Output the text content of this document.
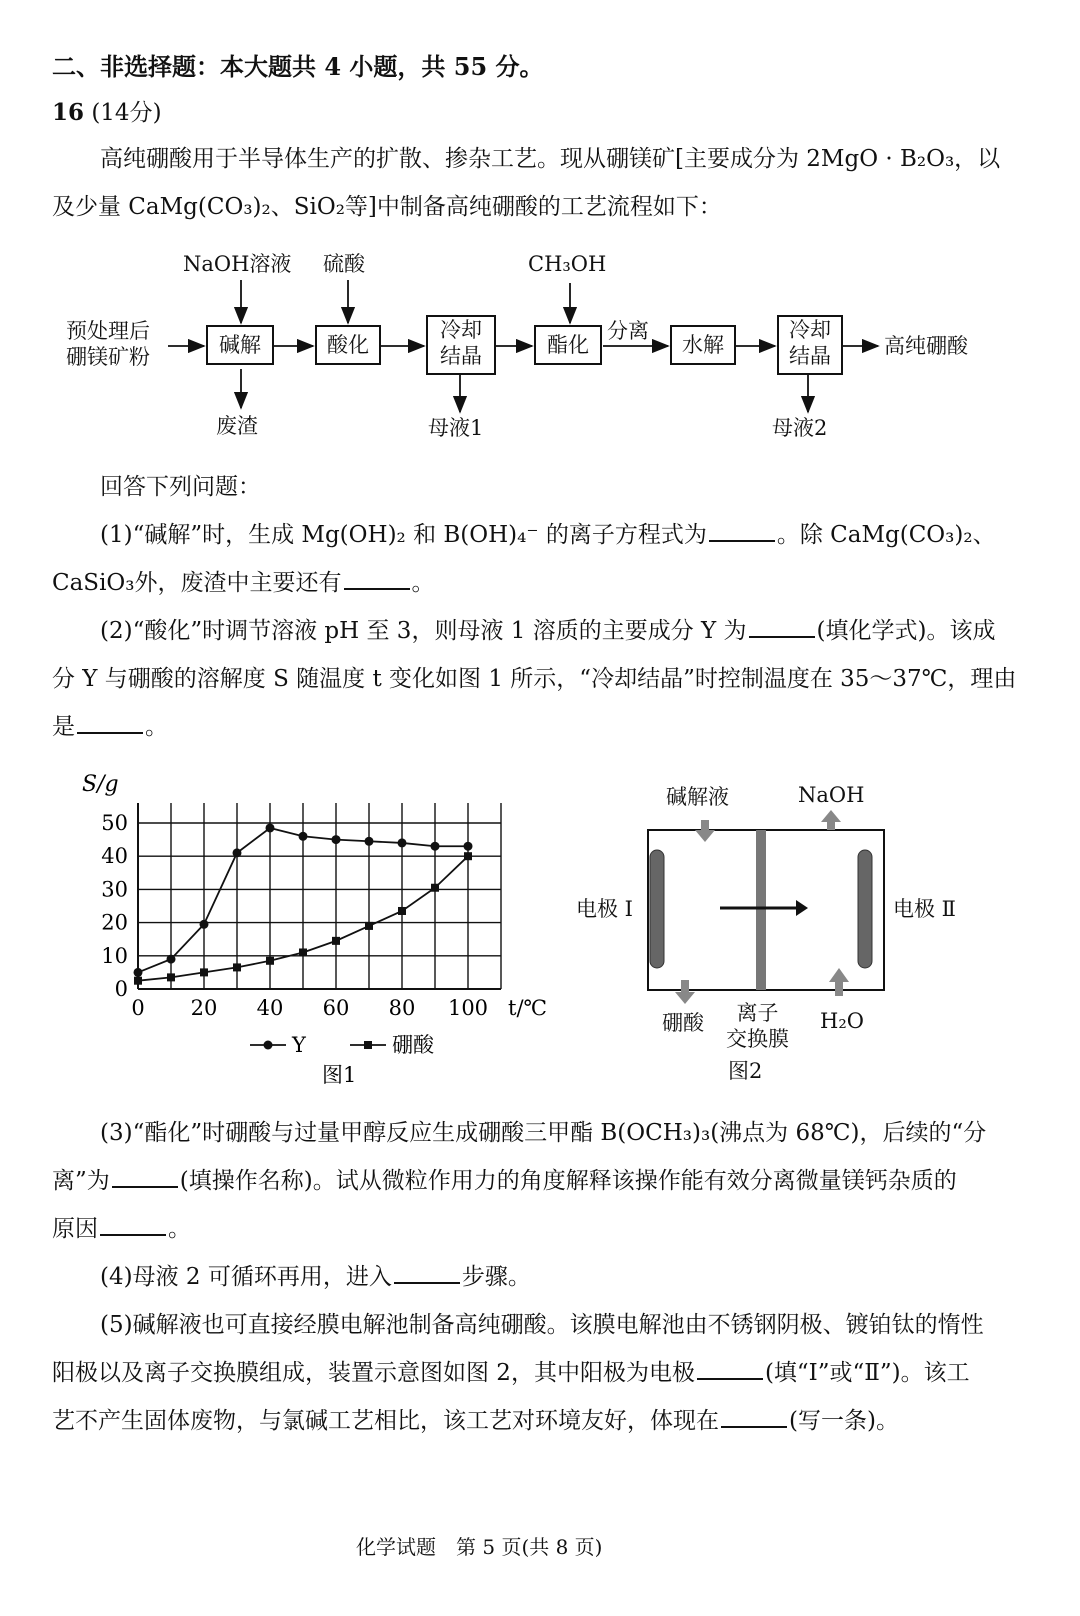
二、非选择题：本大题共 4 小题，共 55 分。
16 (14分)
高纯硼酸用于半导体生产的扩散、掺杂工艺。现从硼镁矿[主要成分为 2MgO · B₂O₃，以
及少量 CaMg(CO₃)₂、SiO₂等]中制备高纯硼酸的工艺流程如下：
预处理后
硼镁矿粉
NaOH溶液 硫酸	CH₃OH
碱解	酸化
冷却
结晶	酯化
分离
水解
冷却
结晶	高纯硼酸
废渣	母液1	母液2
回答下列问题：
(1)“碱解”时，生成 Mg(OH)₂ 和 B(OH)₄⁻ 的离子方程式为	。除 CaMg(CO₃)₂、
CaSiO₃外，废渣中主要还有	。
(2)“酸化”时调节溶液 pH 至 3，则母液 1 溶质的主要成分 Y 为	(填化学式)。该成
分 Y 与硼酸的溶解度 S 随温度 t 变化如图 1 所示，“冷却结晶”时控制温度在 35～37℃，理由
是	。
0
10
20
30
40
50
0 20 40 60 80 100
S/g
t/℃
Y	硼酸
图1
碱解液	NaOH
电极 Ⅰ	电极 Ⅱ
硼酸	离子
交换膜
H₂O
图2
(3)“酯化”时硼酸与过量甲醇反应生成硼酸三甲酯 B(OCH₃)₃(沸点为 68℃)，后续的“分
离”为	(填操作名称)。试从微粒作用力的角度解释该操作能有效分离微量镁钙杂质的
原因	。
(4)母液 2 可循环再用，进入	步骤。
(5)碱解液也可直接经膜电解池制备高纯硼酸。该膜电解池由不锈钢阴极、镀铂钛的惰性
阳极以及离子交换膜组成，装置示意图如图 2，其中阳极为电极	(填“Ⅰ”或“Ⅱ”)。该工
艺不产生固体废物，与氯碱工艺相比，该工艺对环境友好，体现在	(写一条)。
化学试题　第 5 页(共 8 页)
